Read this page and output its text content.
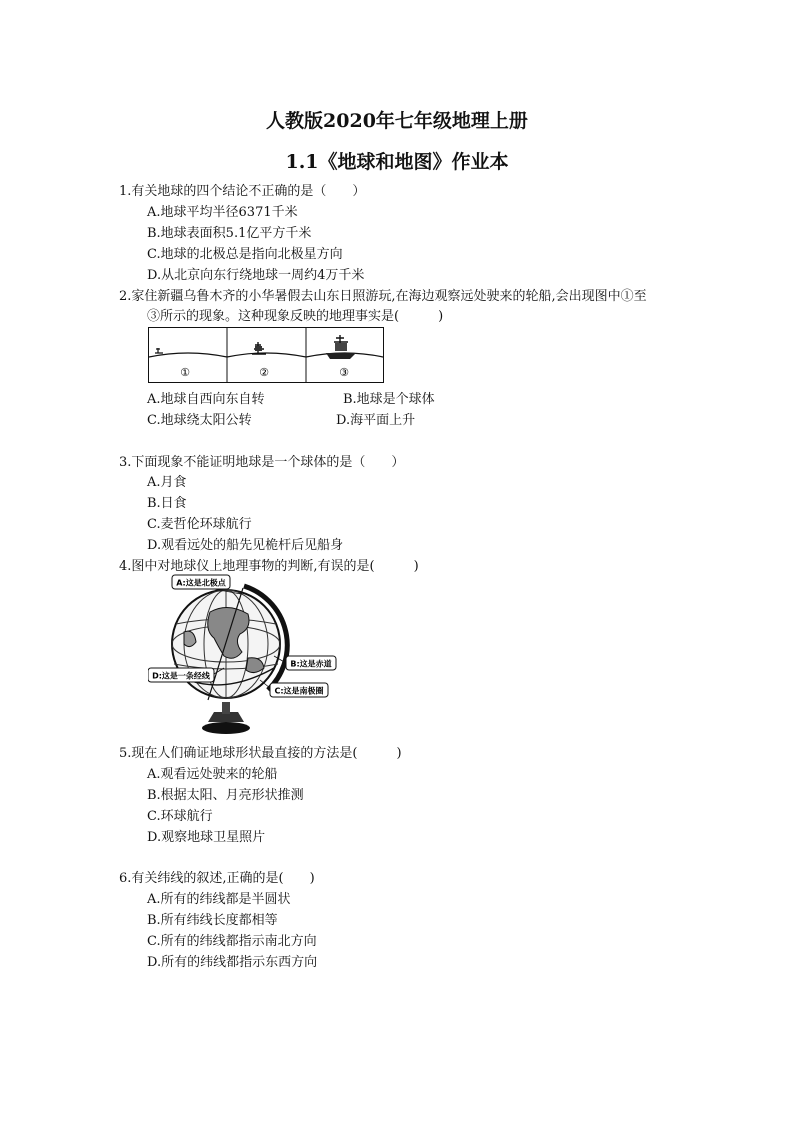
人教版2020年七年级地理上册
1.1《地球和地图》作业本
1.有关地球的四个结论不正确的是（　　）
A.地球平均半径6371千米
B.地球表面积5.1亿平方千米
C.地球的北极总是指向北极星方向
D.从北京向东行绕地球一周约4万千米
2.家住新疆乌鲁木齐的小华暑假去山东日照游玩,在海边观察远处驶来的轮船,会出现图中①至
③所示的现象。这种现象反映的地理事实是(　　　)
①	②	③
A.地球自西向东自转	B.地球是个球体
C.地球绕太阳公转	D.海平面上升
3.下面现象不能证明地球是一个球体的是（　　）
A.月食
B.日食
C.麦哲伦环球航行
D.观看远处的船先见桅杆后见船身
4.图中对地球仪上地理事物的判断,有误的是(　　　)
A:这是北极点
B:这是赤道
C:这是南极圈
D:这是一条经线
5.现在人们确证地球形状最直接的方法是(　　　)
A.观看远处驶来的轮船
B.根据太阳、月亮形状推测
C.环球航行
D.观察地球卫星照片
6.有关纬线的叙述,正确的是(　　)
A.所有的纬线都是半圆状
B.所有纬线长度都相等
C.所有的纬线都指示南北方向
D.所有的纬线都指示东西方向
